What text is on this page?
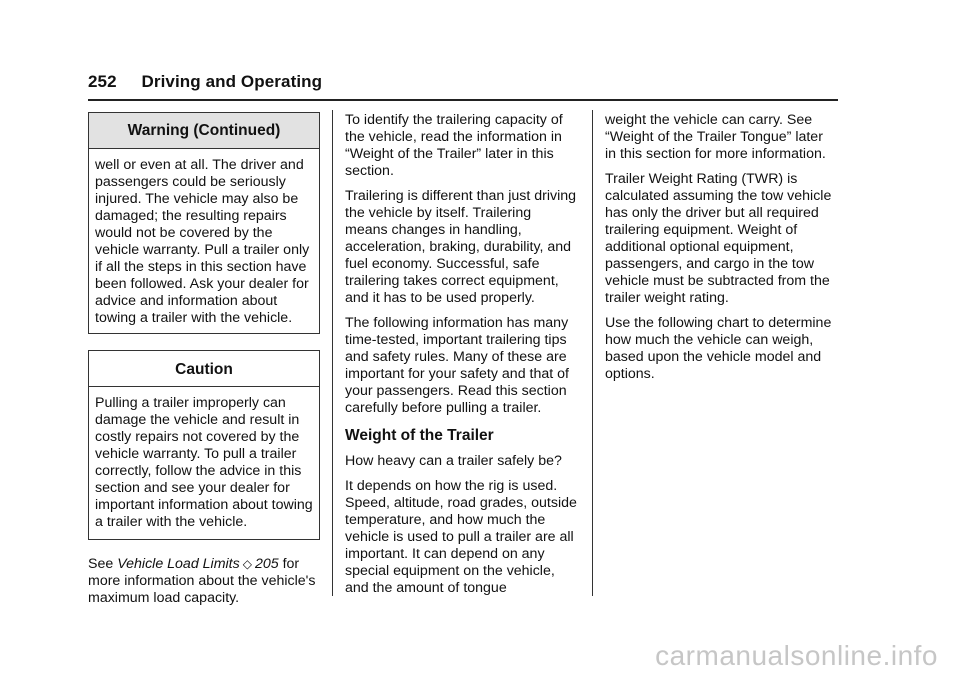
252 Driving and Operating
Warning (Continued)
well or even at all. The driver and passengers could be seriously injured. The vehicle may also be damaged; the resulting repairs would not be covered by the vehicle warranty. Pull a trailer only if all the steps in this section have been followed. Ask your dealer for advice and information about towing a trailer with the vehicle.
Caution
Pulling a trailer improperly can damage the vehicle and result in costly repairs not covered by the vehicle warranty. To pull a trailer correctly, follow the advice in this section and see your dealer for important information about towing a trailer with the vehicle.

See Vehicle Load Limits ◇ 205 for more information about the vehicle's maximum load capacity.

To identify the trailering capacity of the vehicle, read the information in “Weight of the Trailer” later in this section.

Trailering is different than just driving the vehicle by itself. Trailering means changes in handling, acceleration, braking, durability, and fuel economy. Successful, safe trailering takes correct equipment, and it has to be used properly.

The following information has many time-tested, important trailering tips and safety rules. Many of these are important for your safety and that of your passengers. Read this section carefully before pulling a trailer.

Weight of the Trailer

How heavy can a trailer safely be?

It depends on how the rig is used. Speed, altitude, road grades, outside temperature, and how much the vehicle is used to pull a trailer are all important. It can depend on any special equipment on the vehicle, and the amount of tongue

weight the vehicle can carry. See “Weight of the Trailer Tongue” later in this section for more information.

Trailer Weight Rating (TWR) is calculated assuming the tow vehicle has only the driver but all required trailering equipment. Weight of additional optional equipment, passengers, and cargo in the tow vehicle must be subtracted from the trailer weight rating.

Use the following chart to determine how much the vehicle can weigh, based upon the vehicle model and options.

carmanualsonline.info
